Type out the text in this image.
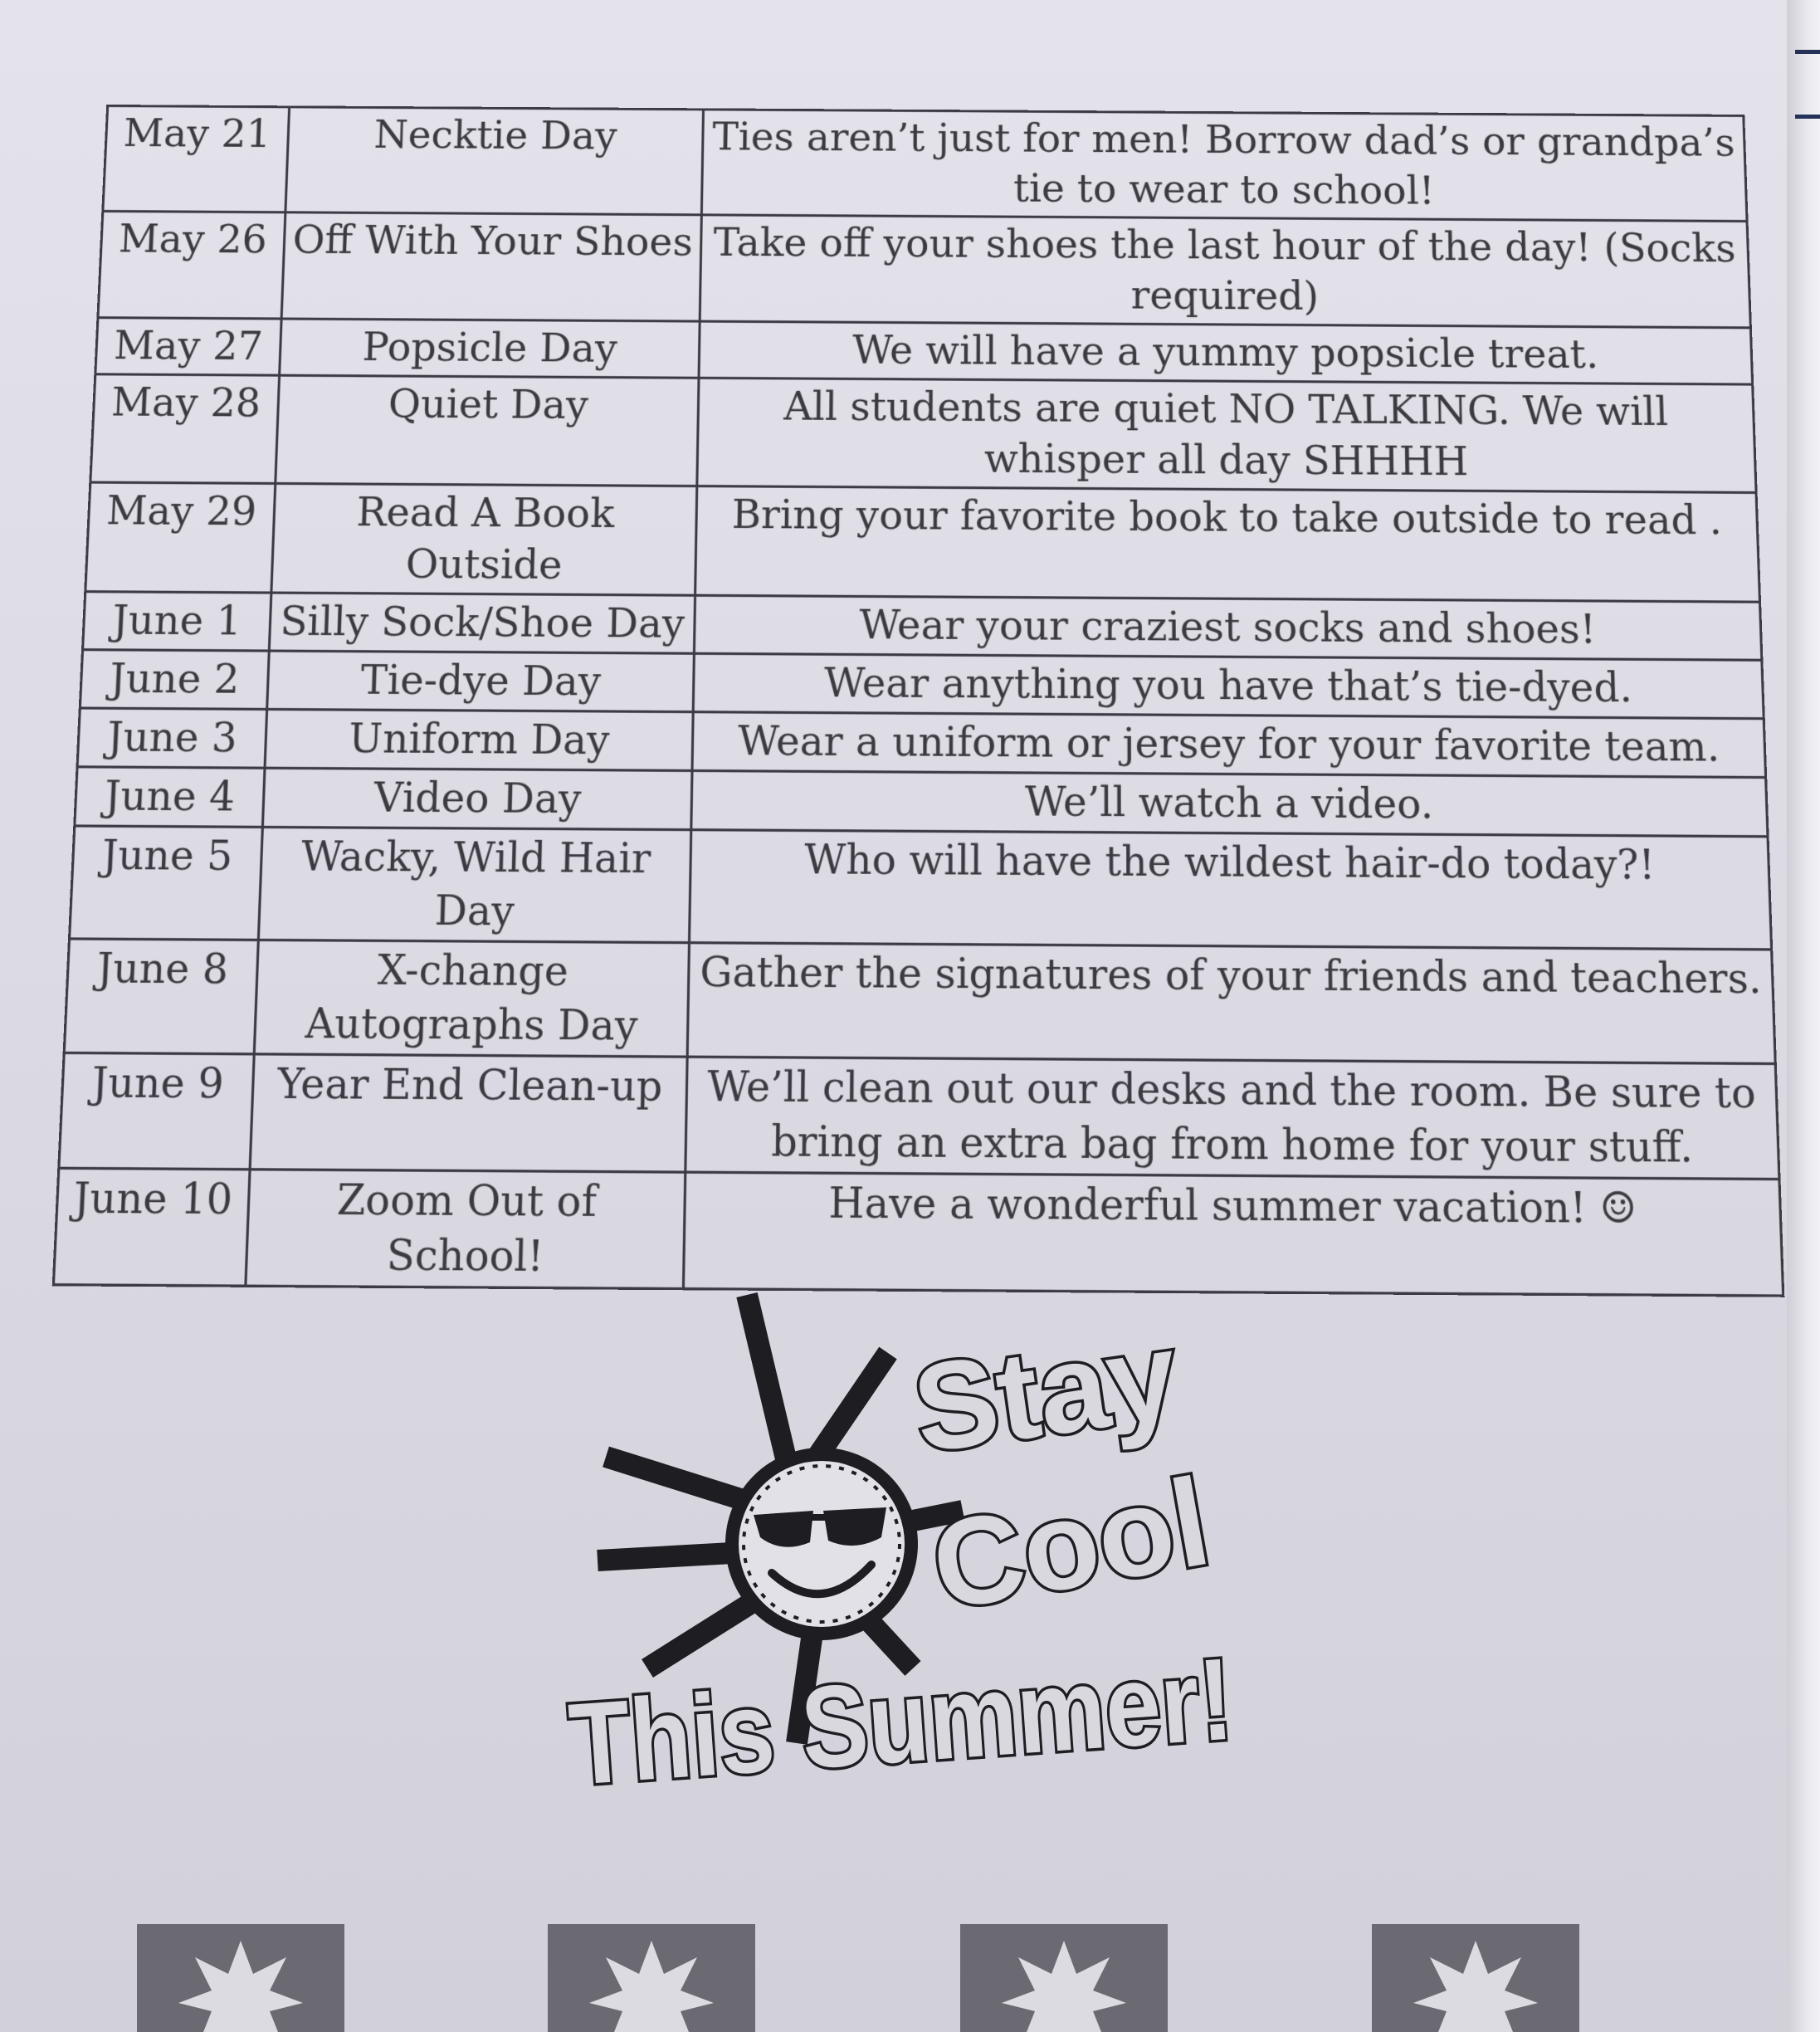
May 21	Necktie Day	Ties aren’t just for men! Borrow dad’s or grandpa’s tie to wear to school!
May 26	Off With Your Shoes	Take off your shoes the last hour of the day! (Socks required)
May 27	Popsicle Day	We will have a yummy popsicle treat.
May 28	Quiet Day	All students are quiet NO TALKING. We will whisper all day SHHHH
May 29	Read A Book Outside	Bring your favorite book to take outside to read .
June 1	Silly Sock/Shoe Day	Wear your craziest socks and shoes!
June 2	Tie-dye Day	Wear anything you have that’s tie-dyed.
June 3	Uniform Day	Wear a uniform or jersey for your favorite team.
June 4	Video Day	We’ll watch a video.
June 5	Wacky, Wild Hair Day	Who will have the wildest hair-do today?!
June 8	X-change Autographs Day	Gather the signatures of your friends and teachers.
June 9	Year End Clean-up	We’ll clean out our desks and the room. Be sure to bring an extra bag from home for your stuff.
June 10	Zoom Out of School!	Have a wonderful summer vacation! ☺
Stay
Cool
This Summer!
